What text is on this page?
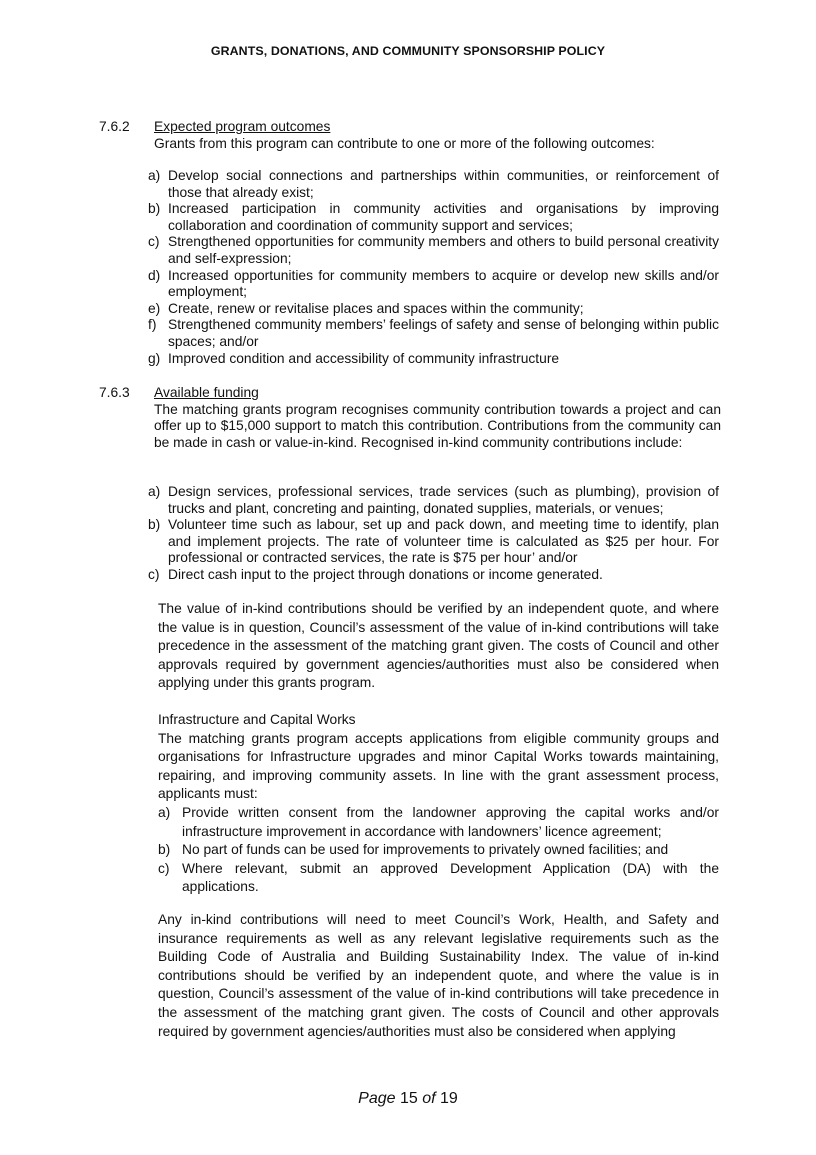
GRANTS, DONATIONS, AND COMMUNITY SPONSORSHIP POLICY
7.6.2	Expected program outcomes
Grants from this program can contribute to one or more of the following outcomes:
a) Develop social connections and partnerships within communities, or reinforcement of those that already exist;
b) Increased participation in community activities and organisations by improving collaboration and coordination of community support and services;
c) Strengthened opportunities for community members and others to build personal creativity and self-expression;
d) Increased opportunities for community members to acquire or develop new skills and/or employment;
e) Create, renew or revitalise places and spaces within the community;
f) Strengthened community members’ feelings of safety and sense of belonging within public spaces; and/or
g) Improved condition and accessibility of community infrastructure
7.6.3	Available funding
The matching grants program recognises community contribution towards a project and can offer up to $15,000 support to match this contribution. Contributions from the community can be made in cash or value-in-kind. Recognised in-kind community contributions include:
a) Design services, professional services, trade services (such as plumbing), provision of trucks and plant, concreting and painting, donated supplies, materials, or venues;
b) Volunteer time such as labour, set up and pack down, and meeting time to identify, plan and implement projects. The rate of volunteer time is calculated as $25 per hour. For professional or contracted services, the rate is $75 per hour’ and/or
c) Direct cash input to the project through donations or income generated.

The value of in-kind contributions should be verified by an independent quote, and where the value is in question, Council’s assessment of the value of in-kind contributions will take precedence in the assessment of the matching grant given. The costs of Council and other approvals required by government agencies/authorities must also be considered when applying under this grants program.

Infrastructure and Capital Works

The matching grants program accepts applications from eligible community groups and organisations for Infrastructure upgrades and minor Capital Works towards maintaining, repairing, and improving community assets. In line with the grant assessment process, applicants must:

a) Provide written consent from the landowner approving the capital works and/or infrastructure improvement in accordance with landowners’ licence agreement;
b) No part of funds can be used for improvements to privately owned facilities; and
c) Where relevant, submit an approved Development Application (DA) with the applications.

Any in-kind contributions will need to meet Council’s Work, Health, and Safety and insurance requirements as well as any relevant legislative requirements such as the Building Code of Australia and Building Sustainability Index. The value of in-kind contributions should be verified by an independent quote, and where the value is in question, Council’s assessment of the value of in-kind contributions will take precedence in the assessment of the matching grant given. The costs of Council and other approvals required by government agencies/authorities must also be considered when applying

Page 15 of 19
